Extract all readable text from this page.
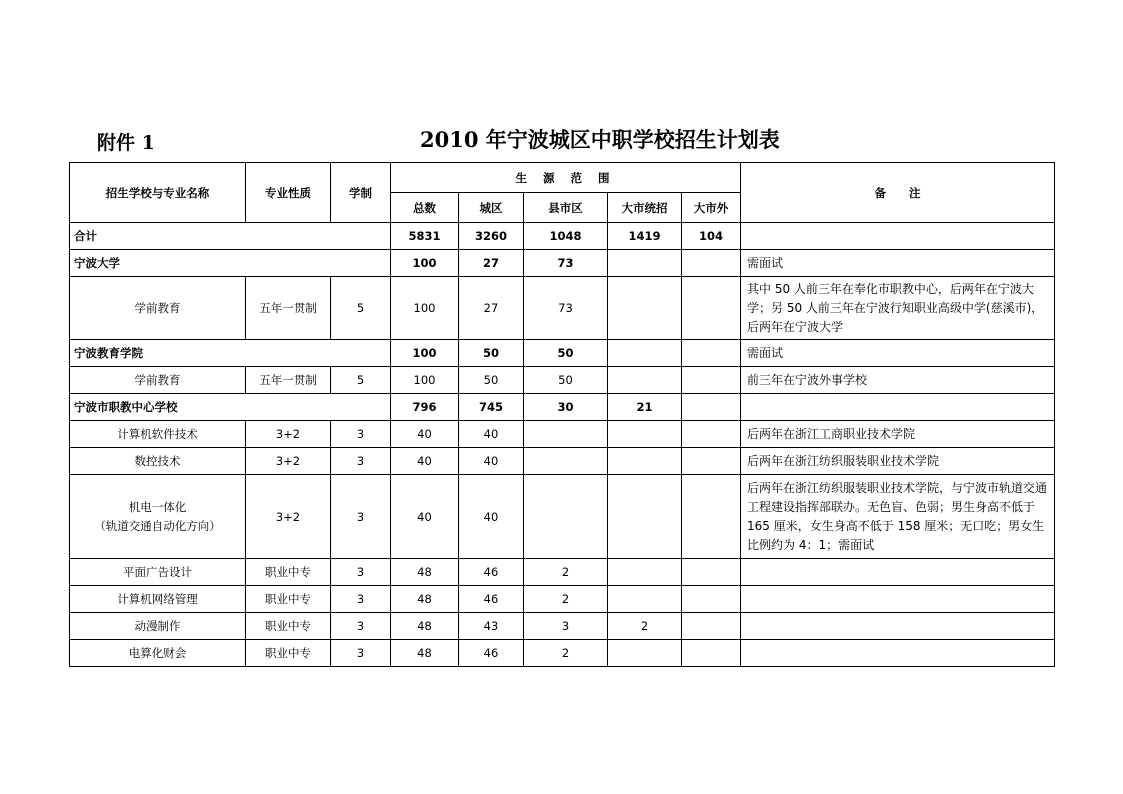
附件 1	2010 年宁波城区中职学校招生计划表
招生学校与专业名称	专业性质	学制	生 源 范 围					备　　注
			总数	城区	县市区	大市统招	大市外	
合计			5831	3260	1048	1419	104	
宁波大学			100	27	73			需面试
学前教育	五年一贯制	5	100	27	73			其中 50 人前三年在奉化市职教中心，后两年在宁波大学；另 50 人前三年在宁波行知职业高级中学(慈溪市)，后两年在宁波大学
宁波教育学院			100	50	50			需面试
学前教育	五年一贯制	5	100	50	50			前三年在宁波外事学校
宁波市职教中心学校			796	745	30	21		
计算机软件技术	3+2	3	40	40				后两年在浙江工商职业技术学院
数控技术	3+2	3	40	40				后两年在浙江纺织服装职业技术学院

机电一体化
（轨道交通自动化方向）	3+2	3	40	40				后两年在浙江纺织服装职业技术学院，与宁波市轨道交通工程建设指挥部联办。无色盲、色弱；男生身高不低于 165 厘米，女生身高不低于 158 厘米；无口吃；男女生比例约为 4：1；需面试
平面广告设计	职业中专	3	48	46	2			
计算机网络管理	职业中专	3	48	46	2			
动漫制作	职业中专	3	48	43	3	2		
电算化财会	职业中专	3	48	46	2			
